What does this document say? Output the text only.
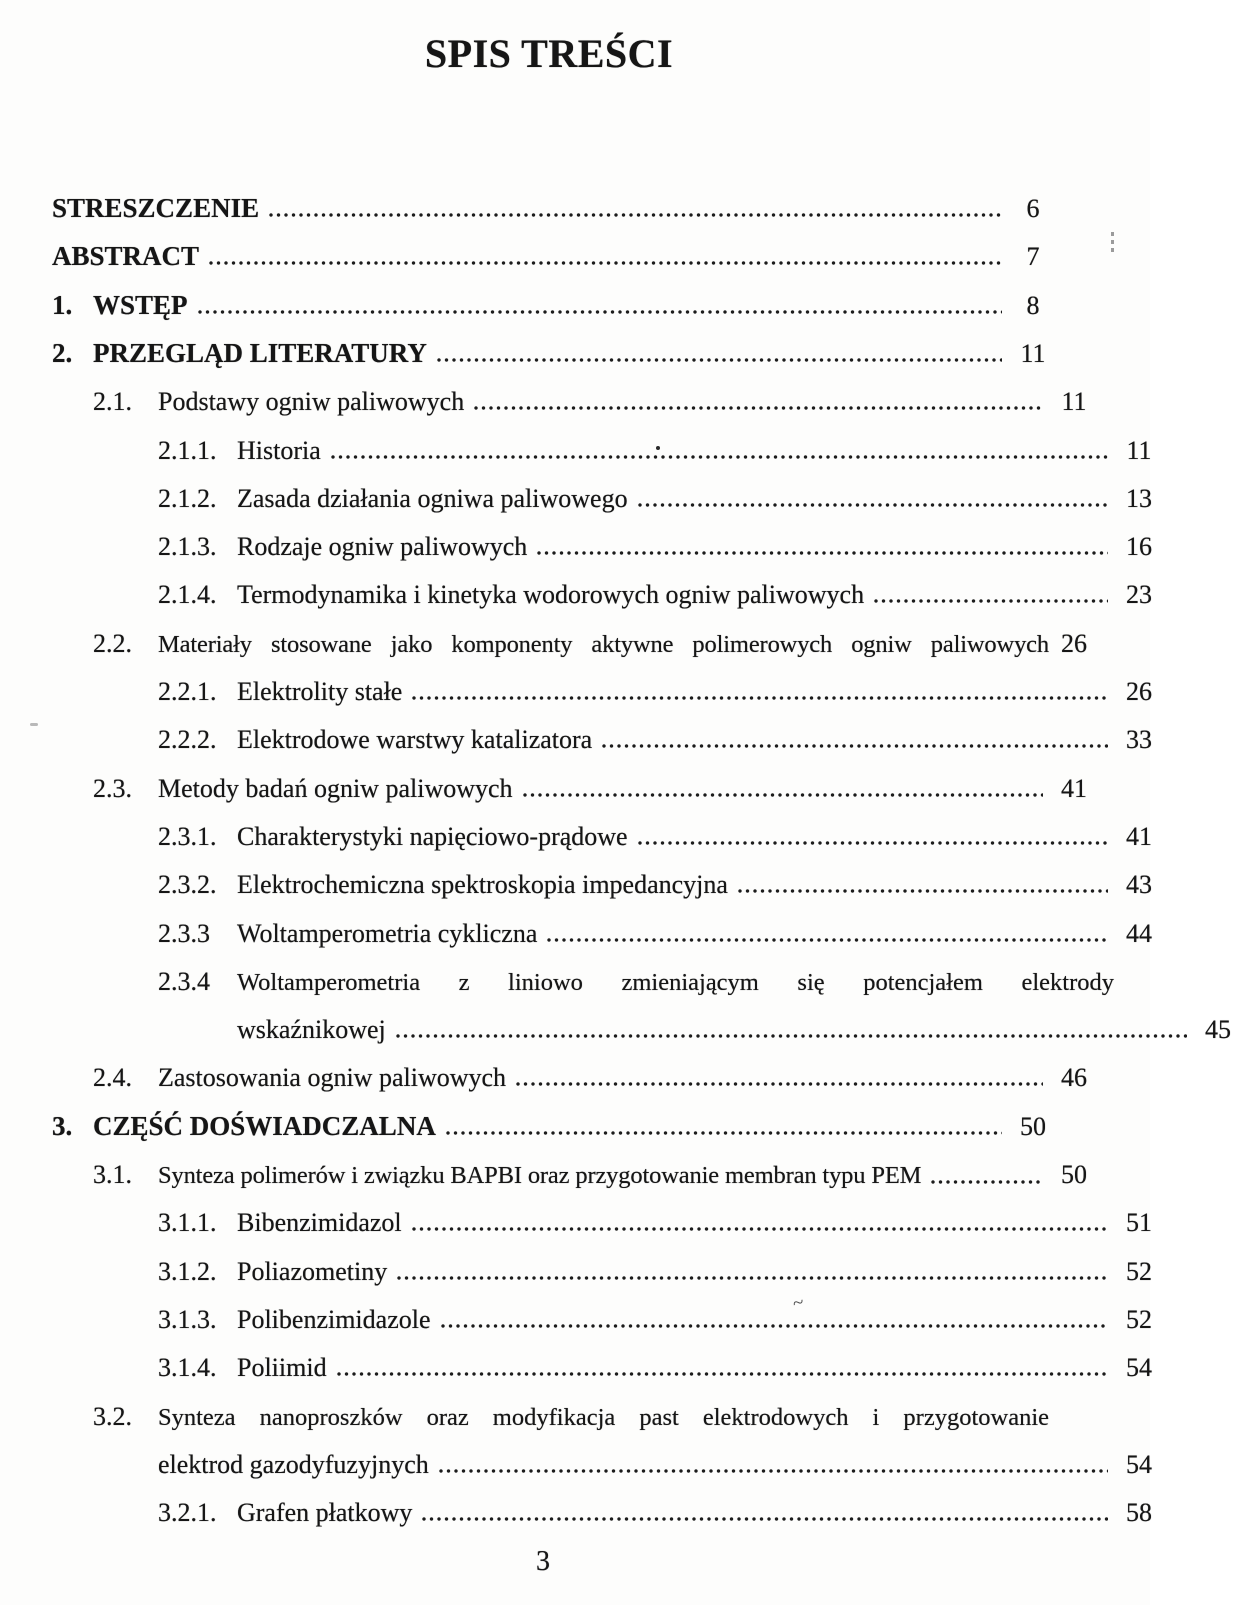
SPIS TREŚCI
STRESZCZENIE	6
ABSTRACT	7
1. WSTĘP	8
2. PRZEGLĄD LITERATURY	11
2.1.	Podstawy ogniw paliwowych	11
2.1.1. Historia	11
2.1.2. Zasada działania ogniwa paliwowego	13
2.1.3. Rodzaje ogniw paliwowych	16
2.1.4. Termodynamika i kinetyka wodorowych ogniw paliwowych	23
2.2.	Materiały stosowane jako komponenty aktywne polimerowych ogniw paliwowych 26
2.2.1. Elektrolity stałe	26
2.2.2. Elektrodowe warstwy katalizatora	33
2.3.	Metody badań ogniw paliwowych	41
2.3.1. Charakterystyki napięciowo-prądowe	41
2.3.2. Elektrochemiczna spektroskopia impedancyjna	43
2.3.3	Woltamperometria cykliczna	44
2.3.4	Woltamperometria z liniowo zmieniającym się potencjałem elektrody
wskaźnikowej	45
2.4.	Zastosowania ogniw paliwowych	46
3. CZĘŚĆ DOŚWIADCZALNA	50
3.1.	Synteza polimerów i związku BAPBI oraz przygotowanie membran typu PEM	50
3.1.1. Bibenzimidazol	51
3.1.2. Poliazometiny	52
3.1.3. Polibenzimidazole	52
3.1.4. Poliimid	54
3.2.	Synteza nanoproszków oraz modyfikacja past elektrodowych i przygotowanie
elektrod gazodyfuzyjnych	54
3.2.1. Grafen płatkowy	58
3
~
